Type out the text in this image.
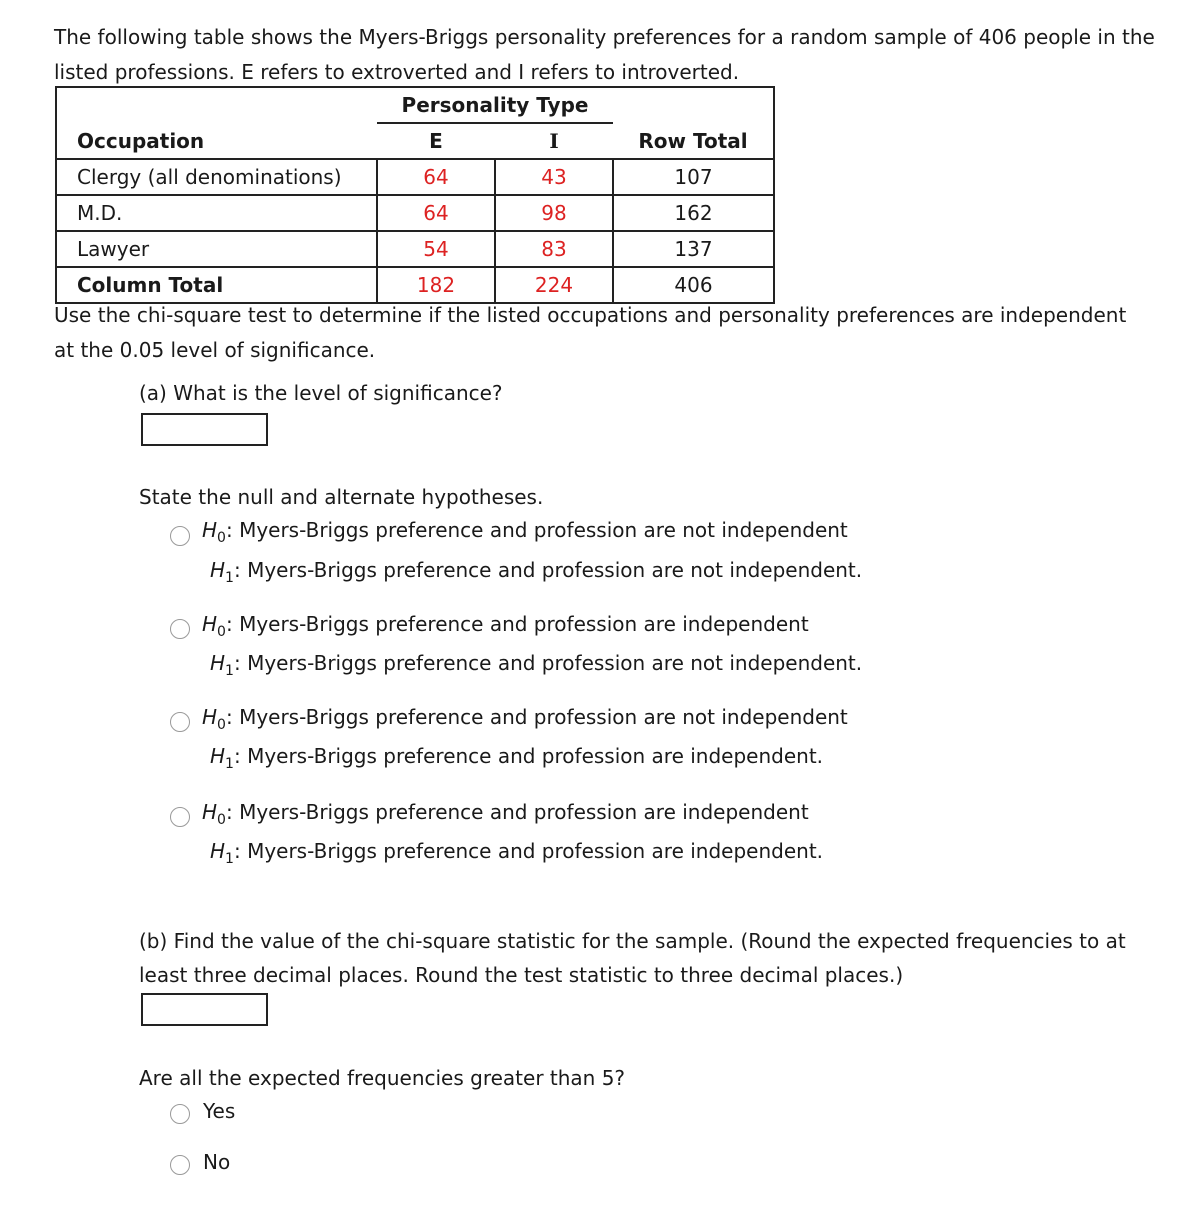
The following table shows the Myers-Briggs personality preferences for a random sample of 406 people in the listed professions. E refers to extroverted and I refers to introverted.
	Personality Type		
Occupation	E	I	Row Total
Clergy (all denominations)	64	43	107
M.D.	64	98	162
Lawyer	54	83	137
Column Total	182	224	406
Use the chi-square test to determine if the listed occupations and personality preferences are independent at the 0.05 level of significance.
(a) What is the level of significance?
State the null and alternate hypotheses.
$H_0$: Myers-Briggs preference and profession are not independent
$H_1$: Myers-Briggs preference and profession are not independent.
$H_0$: Myers-Briggs preference and profession are independent
$H_1$: Myers-Briggs preference and profession are not independent.
$H_0$: Myers-Briggs preference and profession are not independent
$H_1$: Myers-Briggs preference and profession are independent.
$H_0$: Myers-Briggs preference and profession are independent
$H_1$: Myers-Briggs preference and profession are independent.
(b) Find the value of the chi-square statistic for the sample. (Round the expected frequencies to at least three decimal places. Round the test statistic to three decimal places.)
Are all the expected frequencies greater than 5?
Yes
No
